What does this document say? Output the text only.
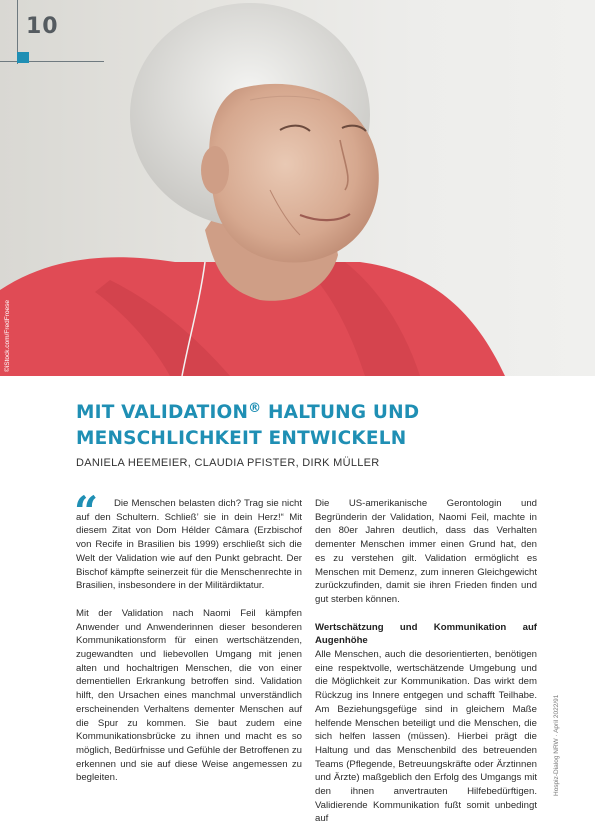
10
©iStock.com/FredFroese
MIT VALIDATION® HALTUNG UND MENSCHLICHKEIT ENTWICKELN
DANIELA HEEMEIER, CLAUDIA PFISTER, DIRK MÜLLER
“	Die Menschen belasten dich? Trag sie nicht auf den Schultern. Schließ’ sie in dein Herz!“ Mit diesem Zitat von Dom Hélder Câmara (Erzbischof von Recife in Brasilien bis 1999) erschließt sich die Welt der Validation wie auf den Punkt gebracht. Der Bischof kämpfte seinerzeit für die Menschenrechte in Brasilien, insbesondere in der Militärdiktatur.

Mit der Validation nach Naomi Feil kämpfen Anwender und Anwenderinnen dieser besonderen Kommunikationsform für einen wertschätzenden, zugewandten und liebevollen Umgang mit jenen alten und hochaltrigen Menschen, die von einer dementiellen Erkrankung betroffen sind. Validation hilft, den Ursachen eines manchmal unverständlich erscheinenden Verhaltens dementer Menschen auf die Spur zu kommen. Sie baut zudem eine Kommunikationsbrücke zu ihnen und macht es so möglich, Bedürfnisse und Gefühle der Betroffenen zu erkennen und sie auf diese Weise angemessen zu begleiten.

Die US-amerikanische Gerontologin und Begründerin der Validation, Naomi Feil, machte in den 80er Jahren deutlich, dass das Verhalten dementer Menschen immer einen Grund hat, den es zu verstehen gilt. Validation ermöglicht es Menschen mit Demenz, zum inneren Gleichgewicht zurückzufinden, damit sie ihren Frieden finden und gut sterben können.

Wertschätzung und Kommunikation auf Augenhöhe

Alle Menschen, auch die desorientierten, benötigen eine respektvolle, wertschätzende Umgebung und die Möglichkeit zur Kommunikation. Das wirkt dem Rückzug ins Innere entgegen und schafft Teilhabe. Am Beziehungsgefüge sind in gleichem Maße helfende Menschen beteiligt und die Menschen, die sich helfen lassen (müssen). Hierbei prägt die Haltung und das Menschenbild des betreuenden Teams (Pflegende, Betreuungskräfte oder Ärztinnen und Ärzte) maßgeblich den Erfolg des Umgangs mit den ihnen anvertrauten Hilfebedürftigen. Validierende Kommunikation fußt somit unbedingt auf

Hospiz-Dialog NRW · April 2022/91
